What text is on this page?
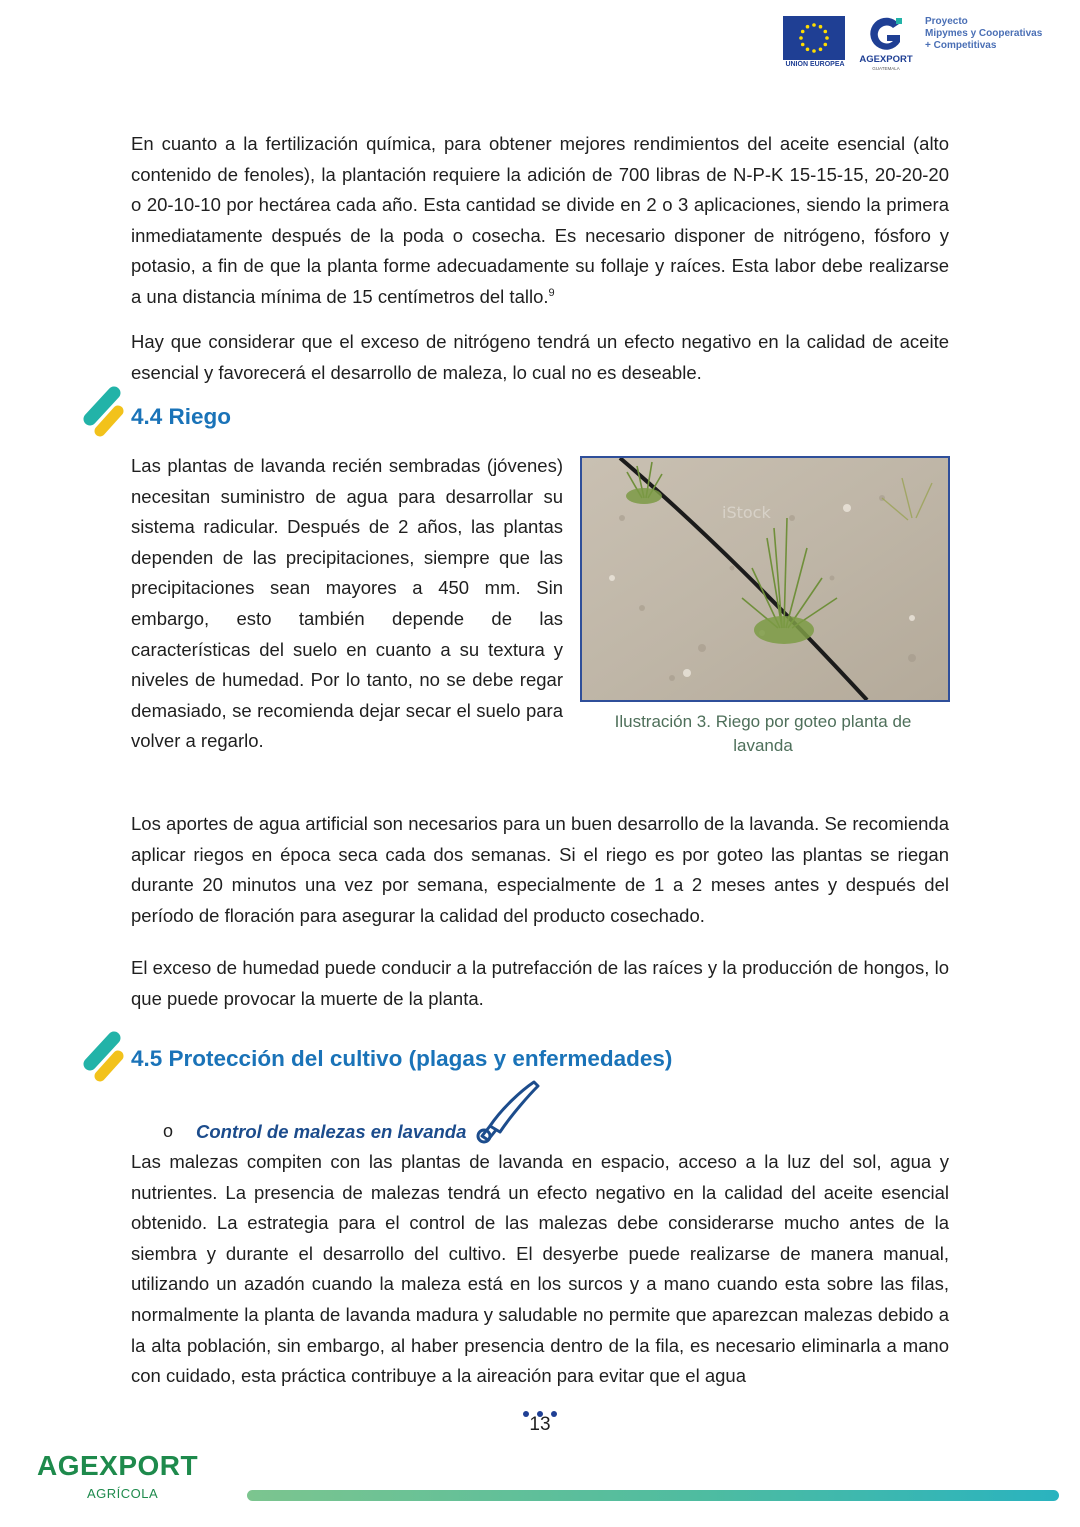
UNIÓN EUROPEA	AGEXPORT
GUATEMALA
Proyecto
Mipymes y Cooperativas
+ Competitivas

En cuanto a la fertilización química, para obtener mejores rendimientos del aceite esencial (alto contenido de fenoles), la plantación requiere la adición de 700 libras de N-P-K 15-15-15, 20-20-20 o 20-10-10 por hectárea cada año. Esta cantidad se divide en 2 o 3 aplicaciones, siendo la primera inmediatamente después de la poda o cosecha. Es necesario disponer de nitrógeno, fósforo y potasio, a fin de que la planta forme adecuadamente su follaje y raíces. Esta labor debe realizarse a una distancia mínima de 15 centímetros del tallo.$^9$

Hay que considerar que el exceso de nitrógeno tendrá un efecto negativo en la calidad de aceite esencial y favorecerá el desarrollo de maleza, lo cual no es deseable.

4.4 Riego

Las plantas de lavanda recién sembradas (jóvenes) necesitan suministro de agua para desarrollar su sistema radicular. Después de 2 años, las plantas dependen de las precipitaciones, siempre que las precipitaciones sean mayores a 450 mm. Sin embargo, esto también depende de las características del suelo en cuanto a su textura y niveles de humedad. Por lo tanto, no se debe regar demasiado, se recomienda dejar secar el suelo para volver a regarlo.

iStock

Ilustración 3. Riego por goteo planta de lavanda

Los aportes de agua artificial son necesarios para un buen desarrollo de la lavanda. Se recomienda aplicar riegos en época seca cada dos semanas. Si el riego es por goteo las plantas se riegan durante 20 minutos una vez por semana, especialmente de 1 a 2 meses antes y después del período de floración para asegurar la calidad del producto cosechado.

El exceso de humedad puede conducir a la putrefacción de las raíces y la producción de hongos, lo que puede provocar la muerte de la planta.

4.5 Protección del cultivo (plagas y enfermedades)
o Control de malezas en lavanda

Las malezas compiten con las plantas de lavanda en espacio, acceso a la luz del sol, agua y nutrientes. La presencia de malezas tendrá un efecto negativo en la calidad del aceite esencial obtenido. La estrategia para el control de las malezas debe considerarse mucho antes de la siembra y durante el desarrollo del cultivo. El desyerbe puede realizarse de manera manual, utilizando un azadón cuando la maleza está en los surcos y a mano cuando esta sobre las filas, normalmente la planta de lavanda madura y saludable no permite que aparezcan malezas debido a la alta población, sin embargo, al haber presencia dentro de la fila, es necesario eliminarla a mano con cuidado, esta práctica contribuye a la aireación para evitar que el agua

13
AGEXPORT
AGRÍCOLA
